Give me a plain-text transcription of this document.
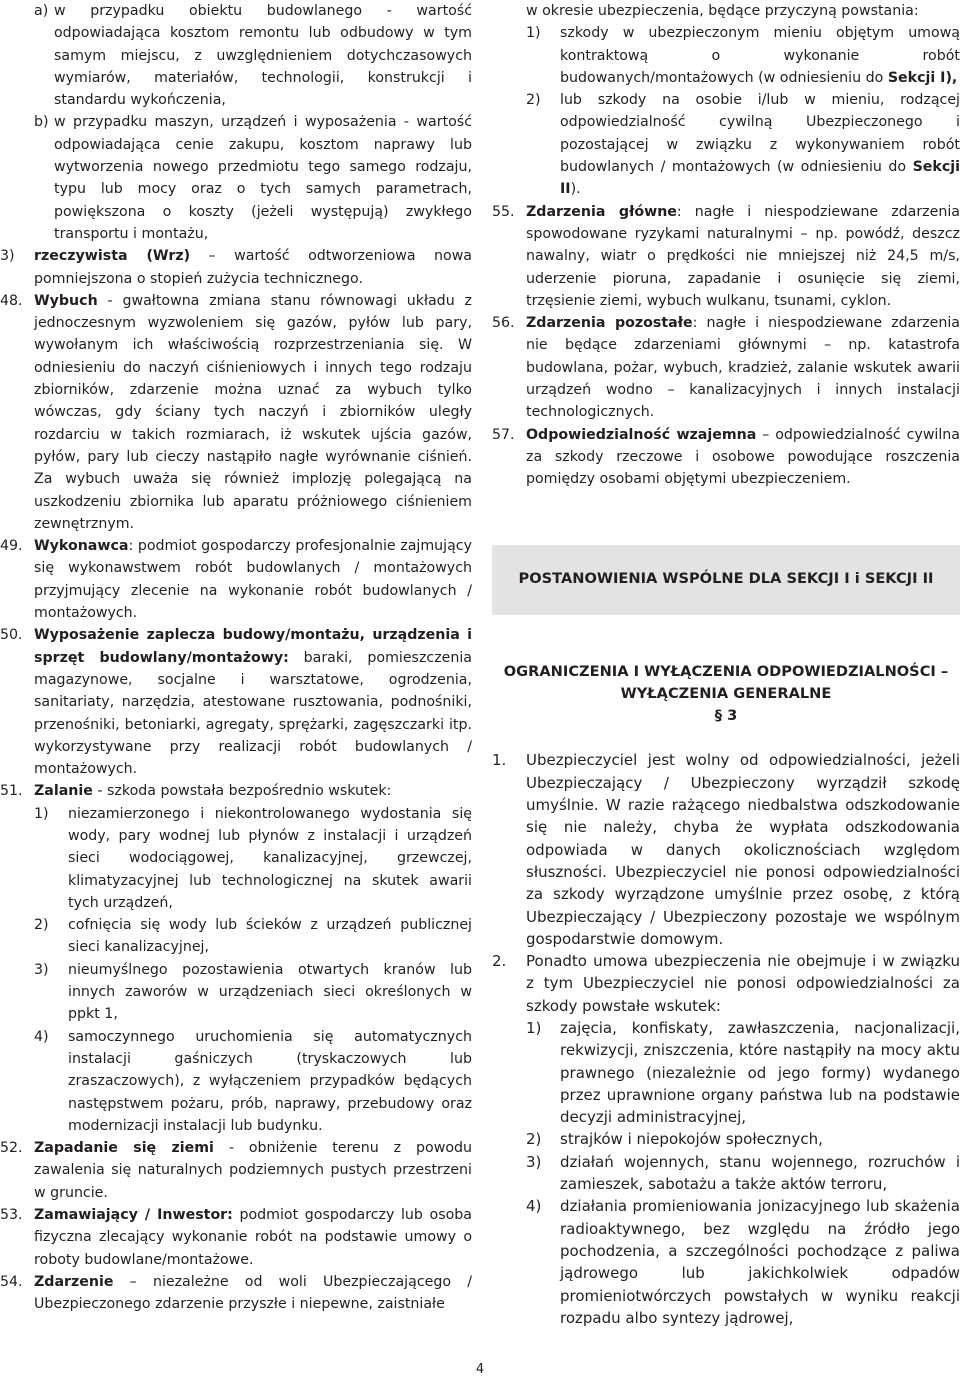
a) w przypadku obiektu budowlanego - wartość odpowiadająca kosztom remontu lub odbudowy w tym samym miejscu, z uwzględnieniem dotychczasowych wymiarów, materiałów, technologii, konstrukcji i standardu wykończenia,
b) w przypadku maszyn, urządzeń i wyposażenia - wartość odpowiadająca cenie zakupu, kosztom naprawy lub wytworzenia nowego przedmiotu tego samego rodzaju, typu lub mocy oraz o tych samych parametrach, powiększona o koszty (jeżeli występują) zwykłego transportu i montażu,
3) rzeczywista (Wrz) – wartość odtworzeniowa nowa pomniejszona o stopień zużycia technicznego.
48. Wybuch - gwałtowna zmiana stanu równowagi układu z jednoczesnym wyzwoleniem się gazów, pyłów lub pary, wywołanym ich właściwością rozprzestrzeniania się. W odniesieniu do naczyń ciśnieniowych i innych tego rodzaju zbiorników, zdarzenie można uznać za wybuch tylko wówczas, gdy ściany tych naczyń i zbiorników uległy rozdarciu w takich rozmiarach, iż wskutek ujścia gazów, pyłów, pary lub cieczy nastąpiło nagłe wyrównanie ciśnień. Za wybuch uważa się również implozję polegającą na uszkodzeniu zbiornika lub aparatu próżniowego ciśnieniem zewnętrznym.
49. Wykonawca: podmiot gospodarczy profesjonalnie zajmujący się wykonawstwem robót budowlanych / montażowych przyjmujący zlecenie na wykonanie robót budowlanych / montażowych.
50. Wyposażenie zaplecza budowy/montażu, urządzenia i sprzęt budowlany/montażowy: baraki, pomieszczenia magazynowe, socjalne i warsztatowe, ogrodzenia, sanitariaty, narzędzia, atestowane rusztowania, podnośniki, przenośniki, betoniarki, agregaty, sprężarki, zagęszczarki itp. wykorzystywane przy realizacji robót budowlanych / montażowych.
51. Zalanie - szkoda powstała bezpośrednio wskutek:
1) niezamierzonego i niekontrolowanego wydostania się wody, pary wodnej lub płynów z instalacji i urządzeń sieci wodociągowej, kanalizacyjnej, grzewczej, klimatyzacyjnej lub technologicznej na skutek awarii tych urządzeń,
2) cofnięcia się wody lub ścieków z urządzeń publicznej sieci kanalizacyjnej,
3) nieumyślnego pozostawienia otwartych kranów lub innych zaworów w urządzeniach sieci określonych w ppkt 1,
4) samoczynnego uruchomienia się automatycznych instalacji gaśniczych (tryskaczowych lub zraszaczowych), z wyłączeniem przypadków będących następstwem pożaru, prób, naprawy, przebudowy oraz modernizacji instalacji lub budynku.
52. Zapadanie się ziemi - obniżenie terenu z powodu zawalenia się naturalnych podziemnych pustych przestrzeni w gruncie.
53. Zamawiający / Inwestor: podmiot gospodarczy lub osoba fizyczna zlecający wykonanie robót na podstawie umowy o roboty budowlane/montażowe.
54. Zdarzenie – niezależne od woli Ubezpieczającego / Ubezpieczonego zdarzenie przyszłe i niepewne, zaistniałe
w okresie ubezpieczenia, będące przyczyną powstania:
1) szkody w ubezpieczonym mieniu objętym umową kontraktową o wykonanie robót budowanych/montażowych (w odniesieniu do Sekcji I),
2) lub szkody na osobie i/lub w mieniu, rodzącej odpowiedzialność cywilną Ubezpieczonego i pozostającej w związku z wykonywaniem robót budowlanych / montażowych (w odniesieniu do Sekcji II).
55. Zdarzenia główne: nagłe i niespodziewane zdarzenia spowodowane ryzykami naturalnymi – np. powódź, deszcz nawalny, wiatr o prędkości nie mniejszej niż 24,5 m/s, uderzenie pioruna, zapadanie i osunięcie się ziemi, trzęsienie ziemi, wybuch wulkanu, tsunami, cyklon.
56. Zdarzenia pozostałe: nagłe i niespodziewane zdarzenia nie będące zdarzeniami głównymi – np. katastrofa budowlana, pożar, wybuch, kradzież, zalanie wskutek awarii urządzeń wodno – kanalizacyjnych i innych instalacji technologicznych.
57. Odpowiedzialność wzajemna – odpowiedzialność cywilna za szkody rzeczowe i osobowe powodujące roszczenia pomiędzy osobami objętymi ubezpieczeniem.
POSTANOWIENIA WSPÓLNE DLA SEKCJI I i SEKCJI II
OGRANICZENIA I WYŁĄCZENIA ODPOWIEDZIALNOŚCI –
WYŁĄCZENIA GENERALNE
§ 3
1. Ubezpieczyciel jest wolny od odpowiedzialności, jeżeli Ubezpieczający / Ubezpieczony wyrządził szkodę umyślnie. W razie rażącego niedbalstwa odszkodowanie się nie należy, chyba że wypłata odszkodowania odpowiada w danych okolicznościach względom słuszności. Ubezpieczyciel nie ponosi odpowiedzialności za szkody wyrządzone umyślnie przez osobę, z którą Ubezpieczający / Ubezpieczony pozostaje we wspólnym gospodarstwie domowym.
2. Ponadto umowa ubezpieczenia nie obejmuje i w związku z tym Ubezpieczyciel nie ponosi odpowiedzialności za szkody powstałe wskutek:
1) zajęcia, konfiskaty, zawłaszczenia, nacjonalizacji, rekwizycji, zniszczenia, które nastąpiły na mocy aktu prawnego (niezależnie od jego formy) wydanego przez uprawnione organy państwa lub na podstawie decyzji administracyjnej,
2) strajków i niepokojów społecznych,
3) działań wojennych, stanu wojennego, rozruchów i zamieszek, sabotażu a także aktów terroru,
4) działania promieniowania jonizacyjnego lub skażenia radioaktywnego, bez względu na źródło jego pochodzenia, a szczególności pochodzące z paliwa jądrowego lub jakichkolwiek odpadów promieniotwórczych powstałych w wyniku reakcji rozpadu albo syntezy jądrowej,
4
